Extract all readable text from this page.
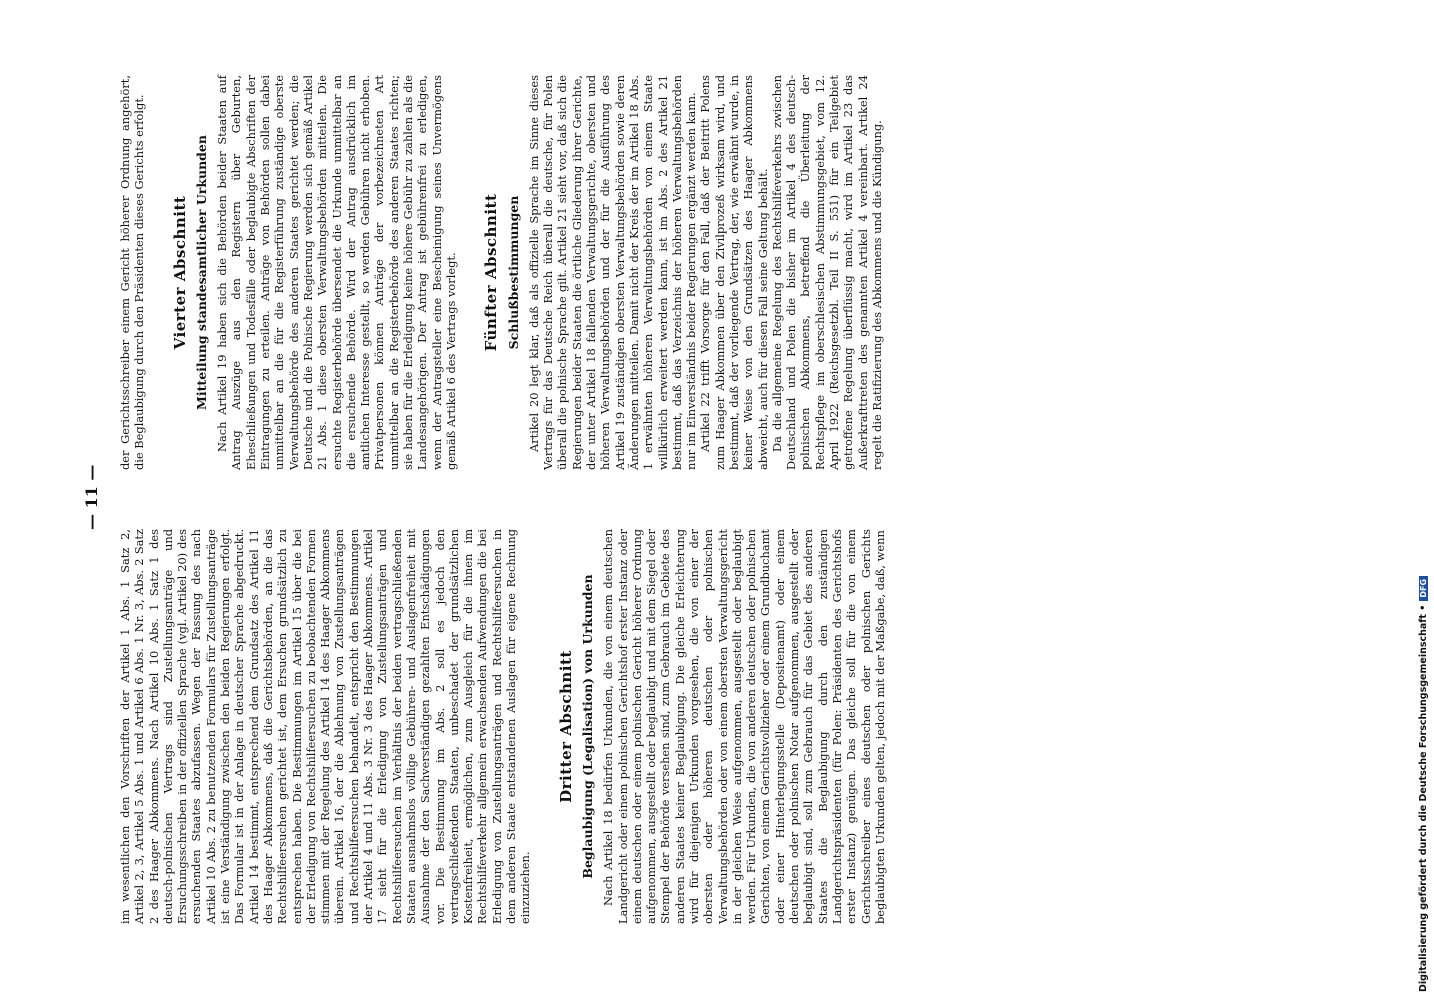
— 11 —

im wesentlichen den Vorschriften der Artikel 1 Abs. 1 Satz 2, Artikel 2, 3, Artikel 5 Abs. 1 und Artikel 6 Abs. 1 Nr. 3, Abs. 2 Satz 2 des Haager Abkommens. Nach Artikel 10 Abs. 1 Satz 1 des deutsch-polnischen Vertrags sind Zustellungsanträge und Ersuchungsschreiben in der offiziellen Sprache (vgl. Artikel 20) des ersuchenden Staates abzufassen. Wegen der Fassung des nach Artikel 10 Abs. 2 zu benutzenden Formulars für Zustellungsanträge ist eine Verständigung zwischen den beiden Regierungen erfolgt. Das Formular ist in der Anlage in deutscher Sprache abgedruckt. Artikel 14 bestimmt, entsprechend dem Grundsatz des Artikel 11 des Haager Abkommens, daß die Gerichtsbehörden, an die das Rechtshilfeersuchen gerichtet ist, dem Ersuchen grundsätzlich zu entsprechen haben. Die Bestimmungen im Artikel 15 über die bei der Erledigung von Rechtshilfeersuchen zu beobachtenden Formen stimmen mit der Regelung des Artikel 14 des Haager Abkommens überein. Artikel 16, der die Ablehnung von Zustellungsanträgen und Rechtshilfeersuchen behandelt, entspricht den Bestimmungen der Artikel 4 und 11 Abs. 3 Nr. 3 des Haager Abkommens. Artikel 17 sieht für die Erledigung von Zustellungsanträgen und Rechtshilfeersuchen im Verhältnis der beiden vertragschließenden Staaten ausnahmslos völlige Gebühren- und Auslagenfreiheit mit Ausnahme der den Sachverständigen gezahlten Entschädigungen vor. Die Bestimmung im Abs. 2 soll es jedoch den vertragschließenden Staaten, unbeschadet der grundsätzlichen Kostenfreiheit, ermöglichen, zum Ausgleich für die ihnen im Rechtshilfeverkehr allgemein erwachsenden Aufwendungen die bei Erledigung von Zustellungsanträgen und Rechtshilfeersuchen in dem anderen Staate entstandenen Auslagen für eigene Rechnung einzuziehen.

Dritter Abschnitt Beglaubigung (Legalisation) von Urkunden Nach Artikel 18 bedürfen Urkunden, die von einem deutschen Landgericht oder einem polnischen Gerichtshof erster Instanz oder einem deutschen oder einem polnischen Gericht höherer Ordnung aufgenommen, ausgestellt oder beglaubigt und mit dem Siegel oder Stempel der Behörde versehen sind, zum Gebrauch im Gebiete des anderen Staates keiner Beglaubigung. Die gleiche Erleichterung wird für diejenigen Urkunden vorgesehen, die von einer der obersten oder höheren deutschen oder polnischen Verwaltungsbehörden oder von einem obersten Verwaltungsgericht in der gleichen Weise aufgenommen, ausgestellt oder beglaubigt werden. Für Urkunden, die von anderen deutschen oder polnischen Gerichten, von einem Gerichtsvollzieher oder einem Grundbuchamt oder einer Hinterlegungsstelle (Depositenamt) oder einem deutschen oder polnischen Notar aufgenommen, ausgestellt oder beglaubigt sind, soll zum Gebrauch für das Gebiet des anderen Staates die Beglaubigung durch den zuständigen Landgerichtspräsidenten (für Polen: Präsidenten des Gerichtshofs erster Instanz) genügen. Das gleiche soll für die von einem Gerichtsschreiber eines deutschen oder polnischen Gerichts beglaubigten Urkunden gelten, jedoch mit der Maßgabe, daß, wenn

der Gerichtsschreiber einem Gericht höherer Ordnung angehört, die Beglaubigung durch den Präsidenten dieses Gerichts erfolgt. Vierter Abschnitt Mitteilung standesamtlicher Urkunden Nach Artikel 19 haben sich die Behörden beider Staaten auf Antrag Auszüge aus den Registern über Geburten, Eheschließungen und Todesfälle oder beglaubigte Abschriften der Eintragungen zu erteilen. Anträge von Behörden sollen dabei unmittelbar an die für die Registerführung zuständige oberste Verwaltungsbehörde des anderen Staates gerichtet werden; die Deutsche und die Polnische Regierung werden sich gemäß Artikel 21 Abs. 1 diese obersten Verwaltungsbehörden mitteilen. Die ersuchte Registerbehörde übersendet die Urkunde unmittelbar an die ersuchende Behörde. Wird der Antrag ausdrücklich im amtlichen Interesse gestellt, so werden Gebühren nicht erhoben. Privatpersonen können Anträge der vorbezeichneten Art unmittelbar an die Registerbehörde des anderen Staates richten; sie haben für die Erledigung keine höhere Gebühr zu zahlen als die Landesangehörigen. Der Antrag ist gebührenfrei zu erledigen, wenn der Antragsteller eine Bescheinigung seines Unvermögens gemäß Artikel 6 des Vertrags vorlegt. Fünfter Abschnitt Schlußbestimmungen Artikel 20 legt klar, daß als offizielle Sprache im Sinne dieses Vertrags für das Deutsche Reich überall die deutsche, für Polen überall die polnische Sprache gilt. Artikel 21 sieht vor, daß sich die Regierungen beider Staaten die örtliche Gliederung ihrer Gerichte, der unter Artikel 18 fallenden Verwaltungsgerichte, obersten und höheren Verwaltungsbehörden und der für die Ausführung des Artikel 19 zuständigen obersten Verwaltungsbehörden sowie deren Änderungen mitteilen. Damit nicht der Kreis der im Artikel 18 Abs. 1 erwähnten höheren Verwaltungsbehörden von einem Staate willkürlich erweitert werden kann, ist im Abs. 2 des Artikel 21 bestimmt, daß das Verzeichnis der höheren Verwaltungsbehörden nur im Einverständnis beider Regierungen ergänzt werden kann. Artikel 22 trifft Vorsorge für den Fall, daß der Beitritt Polens zum Haager Abkommen über den Zivilprozeß wirksam wird, und bestimmt, daß der vorliegende Vertrag, der, wie erwähnt wurde, in keiner Weise von den Grundsätzen des Haager Abkommens abweicht, auch für diesen Fall seine Geltung behält. Da die allgemeine Regelung des Rechtshilfeverkehrs zwischen Deutschland und Polen die bisher im Artikel 4 des deutsch-polnischen Abkommens, betreffend die Überleitung der Rechtspflege im oberschlesischen Abstimmungsgebiet, vom 12. April 1922 (Reichsgesetzbl. Teil II S. 551) für ein Teilgebiet getroffene Regelung überflüssig macht, wird im Artikel 23 das Außerkrafttreten des genannten Artikel 4 vereinbart. Artikel 24 regelt die Ratifizierung des Abkommens und die Kündigung.

Digitalisierung gefördert durch die Deutsche Forschungsgemeinschaft •DFG
